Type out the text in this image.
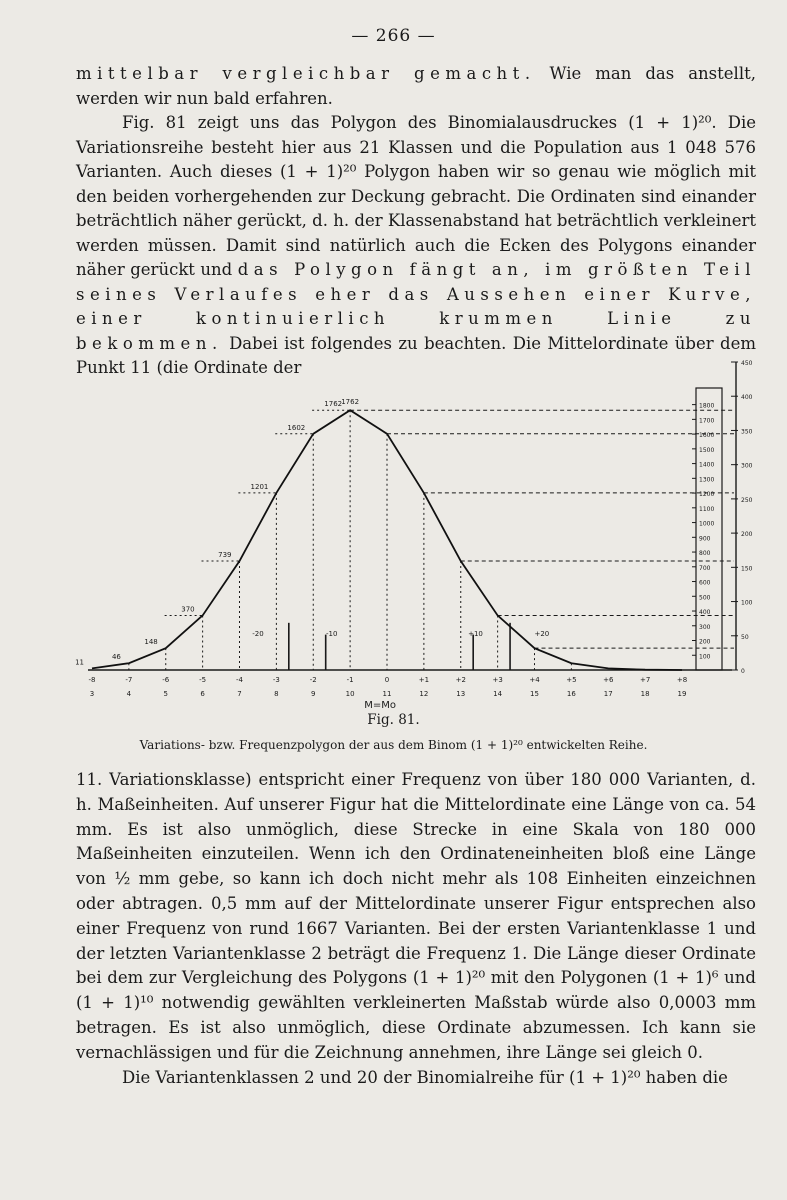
— 266 —

mittelbar vergleichbar gemacht. Wie man das anstellt, werden wir nun bald erfahren.

Fig. 81 zeigt uns das Polygon des Binomialausdruckes (1 + 1)²⁰. Die Variationsreihe besteht hier aus 21 Klassen und die Population aus 1 048 576 Varianten. Auch dieses (1 + 1)²⁰ Polygon haben wir so genau wie möglich mit den beiden vorhergehenden zur Deckung gebracht. Die Ordinaten sind einander beträchtlich näher gerückt, d. h. der Klassenabstand hat beträchtlich verkleinert werden müssen. Damit sind natürlich auch die Ecken des Polygons einander näher gerückt und das Polygon fängt an, im größten Teil seines Verlaufes eher das Aussehen einer Kurve, einer kontinuierlich krummen Linie zu bekommen. Dabei ist folgendes zu beachten. Die Mittelordinate über dem Punkt 11 (die Ordinate der

11
46
148
370
739
1201
1602
1762 1762
-20	-10	+10	+20
-8	-7	-6	-5	-4	-3	-2	-1	0	+1	+2	+3	+4	+5	+6	+7	+8
3	4	5	6	7	8	9	10	11	12	13	14	15	16	17	18	19
M=Mo
1800
1700
1600
1500
1400
1300
1200
1100
1000
900
800
700
600
500
400
300
200
100
450
400
350
300
250
200
150
100
50
0
Fig. 81.
Variations- bzw. Frequenzpolygon der aus dem Binom (1 + 1)²⁰ entwickelten Reihe.

11. Variationsklasse) entspricht einer Frequenz von über 180 000 Varianten, d. h. Maßeinheiten. Auf unserer Figur hat die Mittelordinate eine Länge von ca. 54 mm. Es ist also unmöglich, diese Strecke in eine Skala von 180 000 Maßeinheiten einzuteilen. Wenn ich den Ordinateneinheiten bloß eine Länge von ½ mm gebe, so kann ich doch nicht mehr als 108 Einheiten einzeichnen oder abtragen. 0,5 mm auf der Mittelordinate unserer Figur entsprechen also einer Frequenz von rund 1667 Varianten. Bei der ersten Variantenklasse 1 und der letzten Variantenklasse 2 beträgt die Frequenz 1. Die Länge dieser Ordinate bei dem zur Vergleichung des Polygons (1 + 1)²⁰ mit den Polygonen (1 + 1)⁶ und (1 + 1)¹⁰ notwendig gewählten verkleinerten Maßstab würde also 0,0003 mm betragen. Es ist also unmöglich, diese Ordinate abzumessen. Ich kann sie vernachlässigen und für die Zeichnung annehmen, ihre Länge sei gleich 0.

Die Variantenklassen 2 und 20 der Binomialreihe für (1 + 1)²⁰ haben die
